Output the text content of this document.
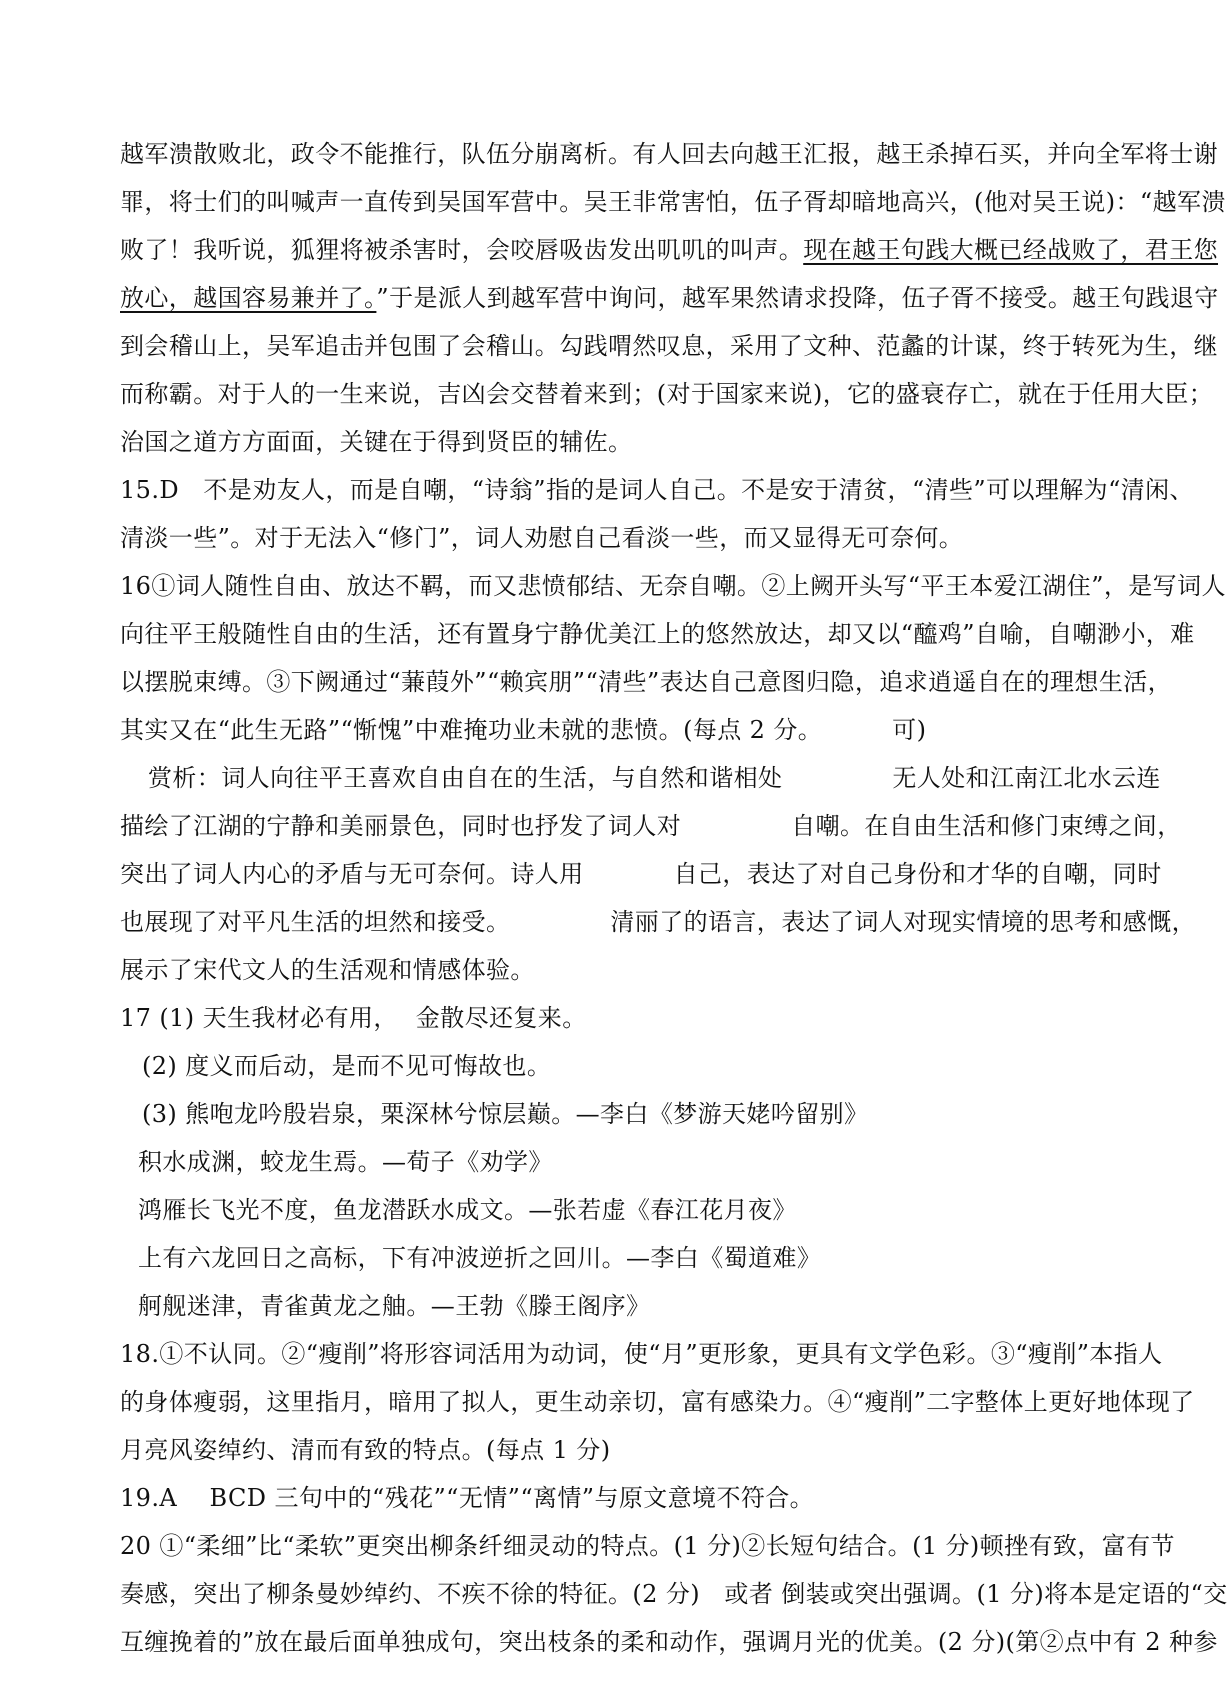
越军溃散败北，政令不能推行，队伍分崩离析。有人回去向越王汇报，越王杀掉石买，并向全军将士谢
罪，将士们的叫喊声一直传到吴国军营中。吴王非常害怕，伍子胥却暗地高兴，(他对吴王说)：“越军溃
败了！我听说，狐狸将被杀害时，会咬唇吸齿发出叽叽的叫声。现在越王句践大概已经战败了，君王您
放心，越国容易兼并了。”于是派人到越军营中询问，越军果然请求投降，伍子胥不接受。越王句践退守
到会稽山上，吴军追击并包围了会稽山。勾践喟然叹息，采用了文种、范蠡的计谋，终于转死为生，继
而称霸。对于人的一生来说，吉凶会交替着来到；(对于国家来说)，它的盛衰存亡，就在于任用大臣；
治国之道方方面面，关键在于得到贤臣的辅佐。
15.D　不是劝友人，而是自嘲，“诗翁”指的是词人自己。不是安于清贫，“清些”可以理解为“清闲、
清淡一些”。对于无法入“修门”，词人劝慰自己看淡一些，而又显得无可奈何。
16①词人随性自由、放达不羁，而又悲愤郁结、无奈自嘲。②上阙开头写“平王本爱江湖住”，是写词人
向往平王般随性自由的生活，还有置身宁静优美江上的悠然放达，却又以“醯鸡”自喻，自嘲渺小，难
以摆脱束缚。③下阙通过“蒹葭外”“赖宾朋”“清些”表达自己意图归隐，追求逍遥自在的理想生活，
其实又在“此生无路”“惭愧”中难掩功业未就的悲愤。(每点 2 分。	可)
赏析：词人向往平王喜欢自由自在的生活，与自然和谐相处	无人处和江南江北水云连
描绘了江湖的宁静和美丽景色，同时也抒发了词人对	自嘲。在自由生活和修门束缚之间，
突出了词人内心的矛盾与无可奈何。诗人用	自己，表达了对自己身份和才华的自嘲，同时
也展现了对平凡生活的坦然和接受。	清丽了的语言，表达了词人对现实情境的思考和感慨，
展示了宋代文人的生活观和情感体验。
17 (1) 天生我材必有用， 金散尽还复来。
(2) 度义而后动，是而不见可悔故也。
(3) 熊咆龙吟殷岩泉，栗深林兮惊层巅。—李白《梦游天姥吟留别》
积水成渊，蛟龙生焉。—荀子《劝学》
鸿雁长飞光不度，鱼龙潜跃水成文。—张若虚《春江花月夜》
上有六龙回日之高标，下有冲波逆折之回川。—李白《蜀道难》
舸舰迷津，青雀黄龙之舳。—王勃《滕王阁序》
18.①不认同。②“瘦削”将形容词活用为动词，使“月”更形象，更具有文学色彩。③“瘦削”本指人
的身体瘦弱，这里指月，暗用了拟人，更生动亲切，富有感染力。④“瘦削”二字整体上更好地体现了
月亮风姿绰约、清而有致的特点。(每点 1 分)
19.A　 BCD 三句中的“残花”“无情”“离情”与原文意境不符合。
20 ①“柔细”比“柔软”更突出柳条纤细灵动的特点。(1 分)②长短句结合。(1 分)顿挫有致，富有节
奏感，突出了柳条曼妙绰约、不疾不徐的特征。(2 分)　或者 倒装或突出强调。(1 分)将本是定语的“交
互缠挽着的”放在最后面单独成句，突出枝条的柔和动作，强调月光的优美。(2 分)(第②点中有 2 种参
